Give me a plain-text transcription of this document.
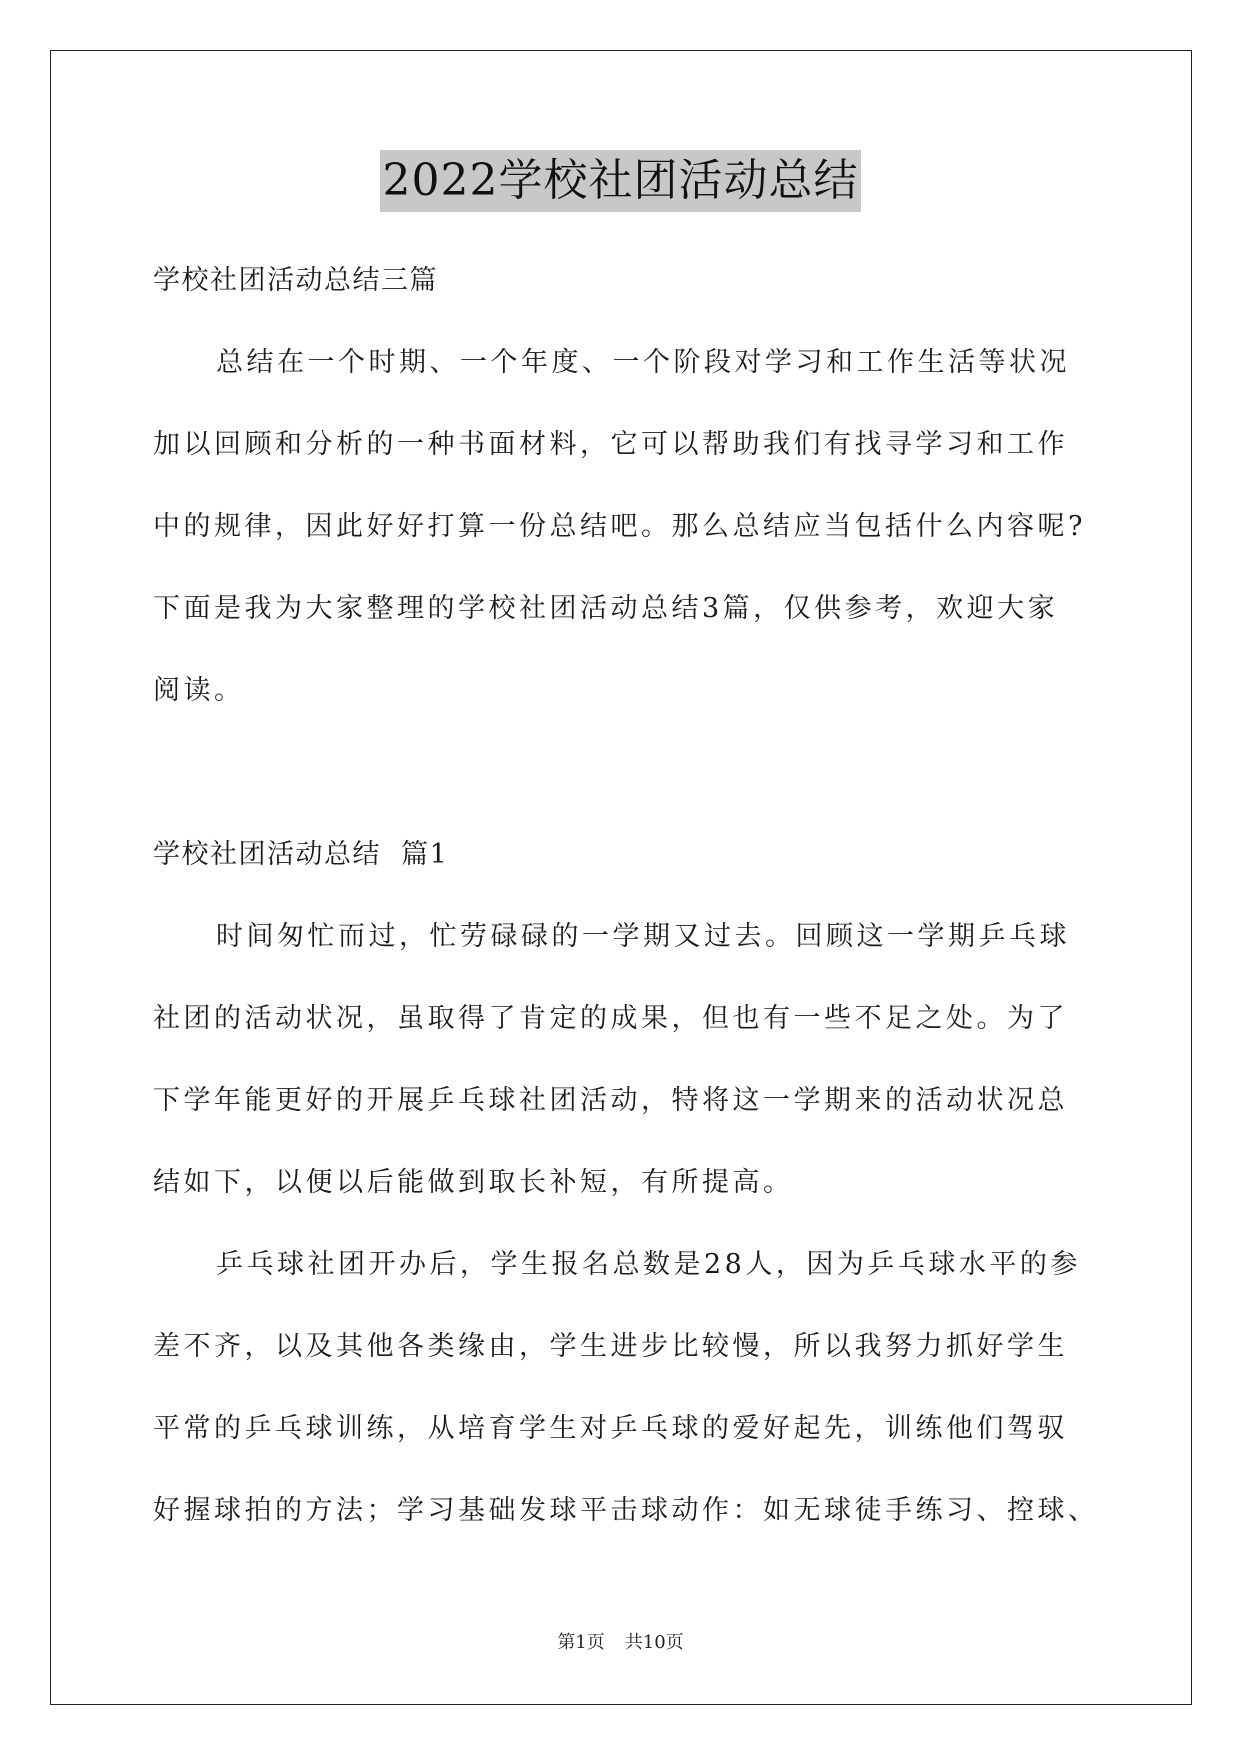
2022学校社团活动总结
学校社团活动总结三篇
总结在一个时期、一个年度、一个阶段对学习和工作生活等状况
加以回顾和分析的一种书面材料，它可以帮助我们有找寻学习和工作
中的规律，因此好好打算一份总结吧。那么总结应当包括什么内容呢?
下面是我为大家整理的学校社团活动总结3篇，仅供参考，欢迎大家
阅读。
学校社团活动总结  篇1
时间匆忙而过，忙劳碌碌的一学期又过去。回顾这一学期乒乓球
社团的活动状况，虽取得了肯定的成果，但也有一些不足之处。为了
下学年能更好的开展乒乓球社团活动，特将这一学期来的活动状况总
结如下，以便以后能做到取长补短，有所提高。
乒乓球社团开办后，学生报名总数是28人，因为乒乓球水平的参
差不齐，以及其他各类缘由，学生进步比较慢，所以我努力抓好学生
平常的乒乓球训练，从培育学生对乒乓球的爱好起先，训练他们驾驭
好握球拍的方法；学习基础发球平击球动作：如无球徒手练习、控球、
第1页 共10页
